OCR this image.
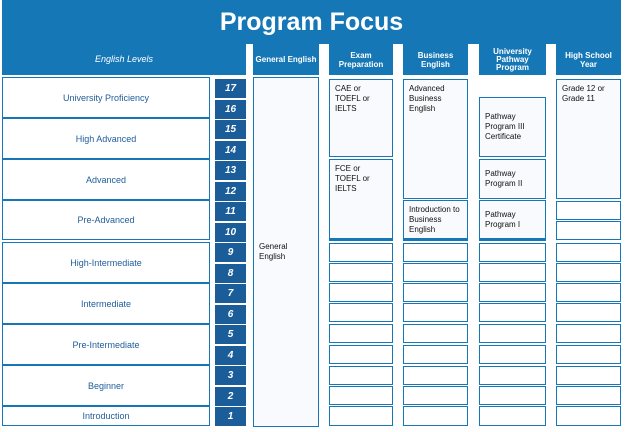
Program Focus
English Levels	General English	Exam Preparation
Business English
University Pathway Program
High School Year
University Proficiency
High Advanced
Advanced
Pre-Advanced
High-Intermediate
Intermediate
Pre-Intermediate
Beginner
Introduction
17
16
15
14
13
12
11
10
9
8
7
6
5
4
3
2
1
General English
CAE or TOEFL or IELTS
FCE or TOEFL or IELTS
Advanced Business English
Introduction to Business English
Pathway Program III Certificate
Pathway Program II
Pathway Program I
Grade 12 or Grade 11
